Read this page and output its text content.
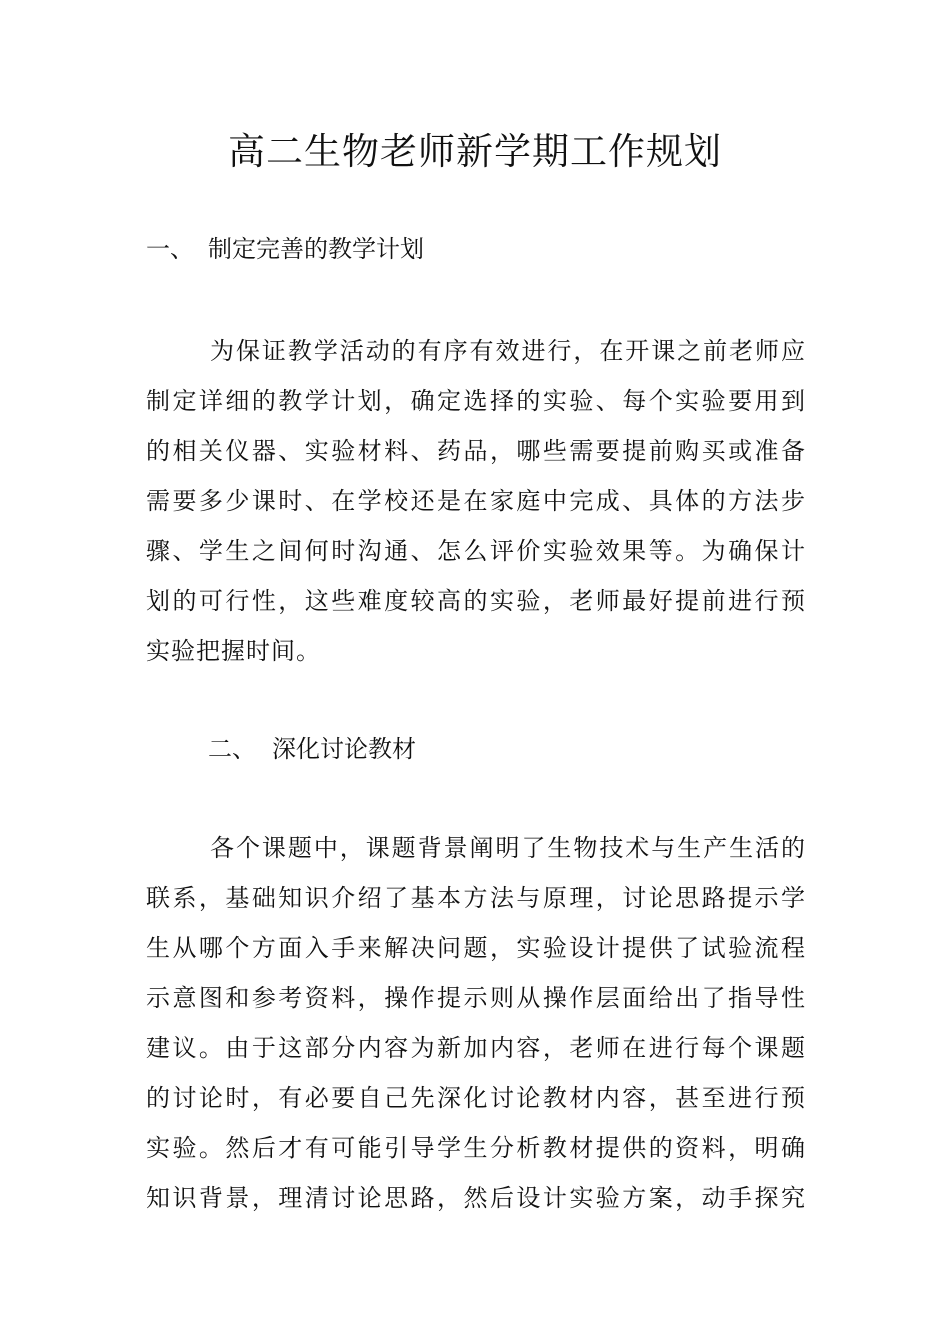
高二生物老师新学期工作规划
一、 制定完善的教学计划
为保证教学活动的有序有效进行，在开课之前老师应
制定详细的教学计划，确定选择的实验、每个实验要用到
的相关仪器、实验材料、药品，哪些需要提前购买或准备
需要多少课时、在学校还是在家庭中完成、具体的方法步
骤、学生之间何时沟通、怎么评价实验效果等。为确保计
划的可行性，这些难度较高的实验，老师最好提前进行预
实验把握时间。
二、 深化讨论教材
各个课题中，课题背景阐明了生物技术与生产生活的
联系，基础知识介绍了基本方法与原理，讨论思路提示学
生从哪个方面入手来解决问题，实验设计提供了试验流程
示意图和参考资料，操作提示则从操作层面给出了指导性
建议。由于这部分内容为新加内容，老师在进行每个课题
的讨论时，有必要自己先深化讨论教材内容，甚至进行预
实验。然后才有可能引导学生分析教材提供的资料，明确
知识背景，理清讨论思路，然后设计实验方案，动手探究
